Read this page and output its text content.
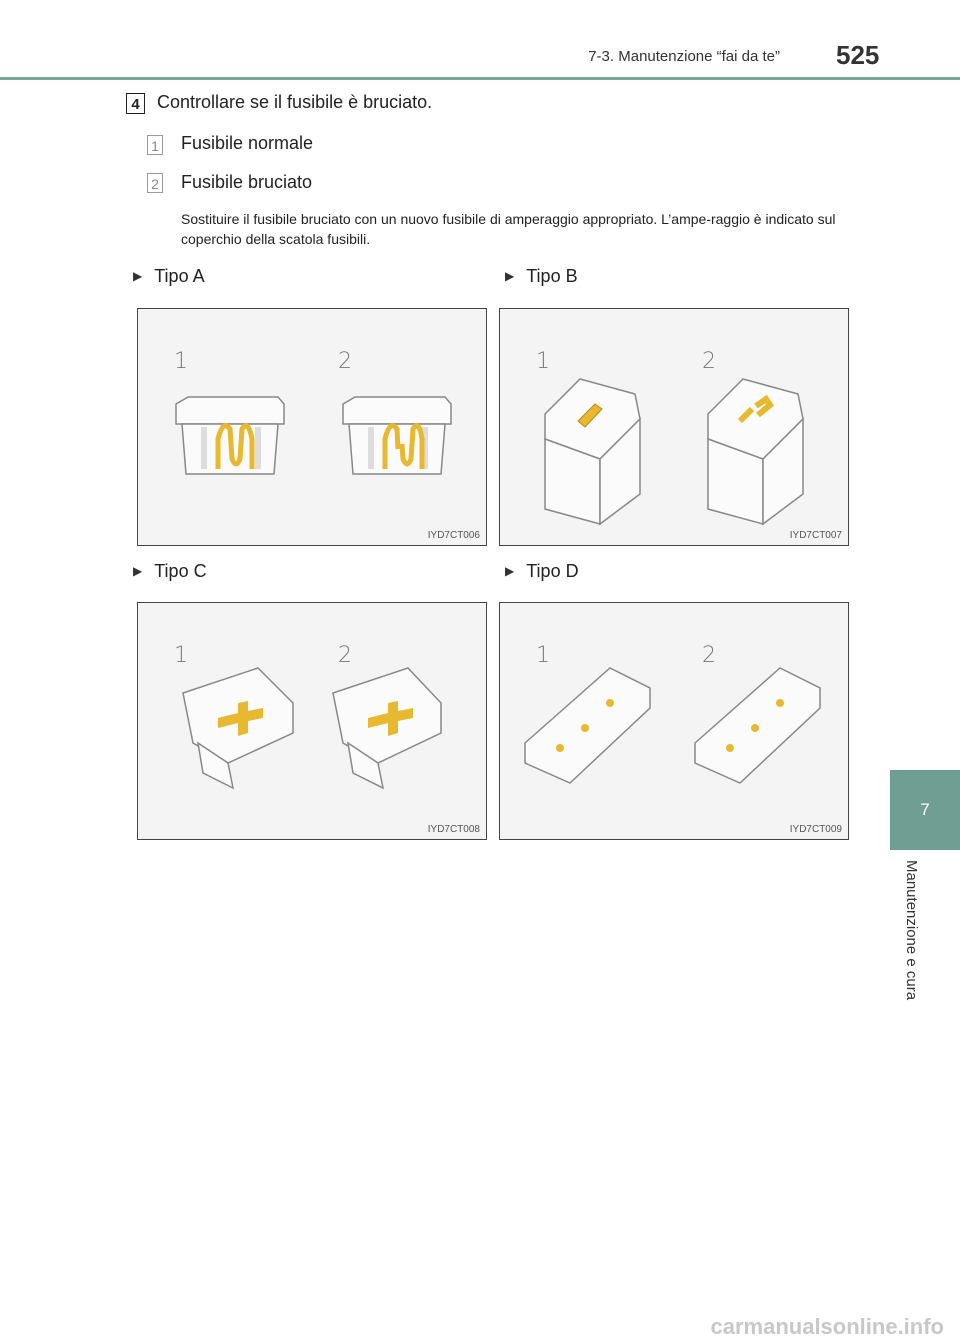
7-3. Manutenzione “fai da te” 525
7
Manutenzione e cura
4 Controllare se il fusibile è bruciato.
1 Fusibile normale
2 Fusibile bruciato
Sostituire il fusibile bruciato con un nuovo fusibile di amperaggio appropriato. L’ampe-raggio è indicato sul coperchio della scatola fusibili.
▶ Tipo A	▶ Tipo B
▶ Tipo C	▶ Tipo D
1	2
IYD7CT006
1	2
IYD7CT007
1	2
IYD7CT008
1	2
IYD7CT009
carmanualsonline.info
